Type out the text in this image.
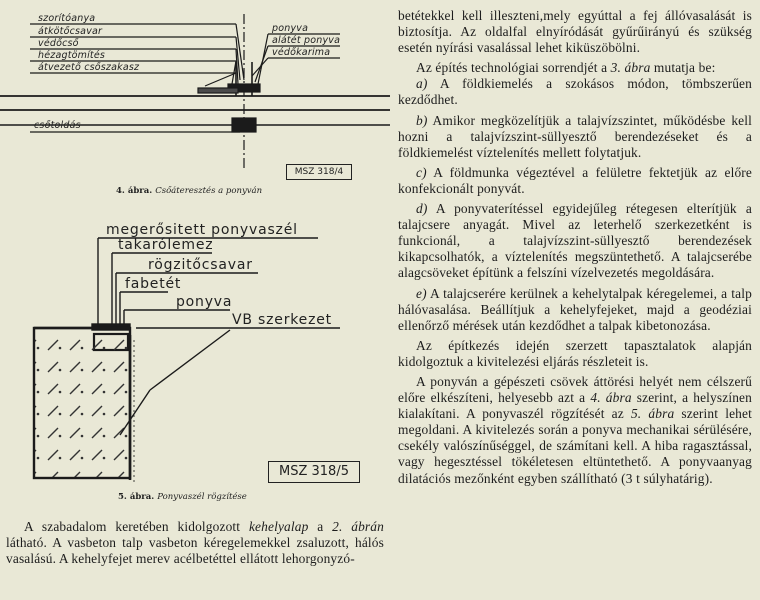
szorítóanya
átkötőcsavar
védőcső
hézagtömítés
átvezető csőszakasz
ponyva
alátét ponyva
védőkarima
csőtoldás
MSZ 318/4
4. ábra. Csőáteresztés a ponyván
megerősitett ponyvaszél
takarólemez
rögzitőcsavar
fabetét
ponyva
VB szerkezet
MSZ 318/5
5. ábra. Ponyvaszél rögzítése

A szabadalom keretében kidolgozott kehelyalap a 2. ábrán látható. A vasbeton talp vasbeton kéregelemekkel zsaluzott, hálós vasalású. A kehelyfejet merev acélbetéttel ellátott lehorgonyzó-

betétekkel kell illeszteni,mely egyúttal a fej állóvasalását is biztosítja. Az oldalfal elnyíródását gyűrűirányú és szükség esetén nyírási vasalással lehet kiküszöbölni.

Az építés technológiai sorrendjét a 3. ábra mutatja be:

a) A földkiemelés a szokásos módon, tömbszerűen kezdődhet.

b) Amikor megközelítjük a talajvízszintet, működésbe kell hozni a talajvízszint-süllyesztő berendezéseket és a földkiemelést víztelenítés mellett folytatjuk.

c) A földmunka végeztével a felületre fektetjük az előre konfekcionált ponyvát.

d) A ponyvaterítéssel egyidejűleg rétegesen elterítjük a talajcsere anyagát. Mivel az leterhelő szerkezetként is funkcionál, a talajvízszint-süllyesztő berendezések kikapcsolhatók, a víztelenítés megszüntethető. A talajcserébe alagcsöveket építünk a felszíni vízelvezetés megoldására.

e) A talajcserére kerülnek a kehelytalpak kéregelemei, a talp hálóvasalása. Beállítjuk a kehelyfejeket, majd a geodéziai ellenőrző mérések után kezdődhet a talpak kibetonozása.

Az építkezés idején szerzett tapasztalatok alapján kidolgoztuk a kivitelezési eljárás részleteit is.

A ponyván a gépészeti csövek áttörési helyét nem célszerű előre elkészíteni, helyesebb azt a 4. ábra szerint, a helyszínen kialakítani. A ponyvaszél rögzítését az 5. ábra szerint lehet megoldani. A kivitelezés során a ponyva mechanikai sérülésére, csekély valószínűséggel, de számítani kell. A hiba ragasztással, vagy hegesztéssel tökéletesen eltüntethető. A ponyvaanyag dilatációs mezőnként egyben szállítható (3 t súlyhatárig).
